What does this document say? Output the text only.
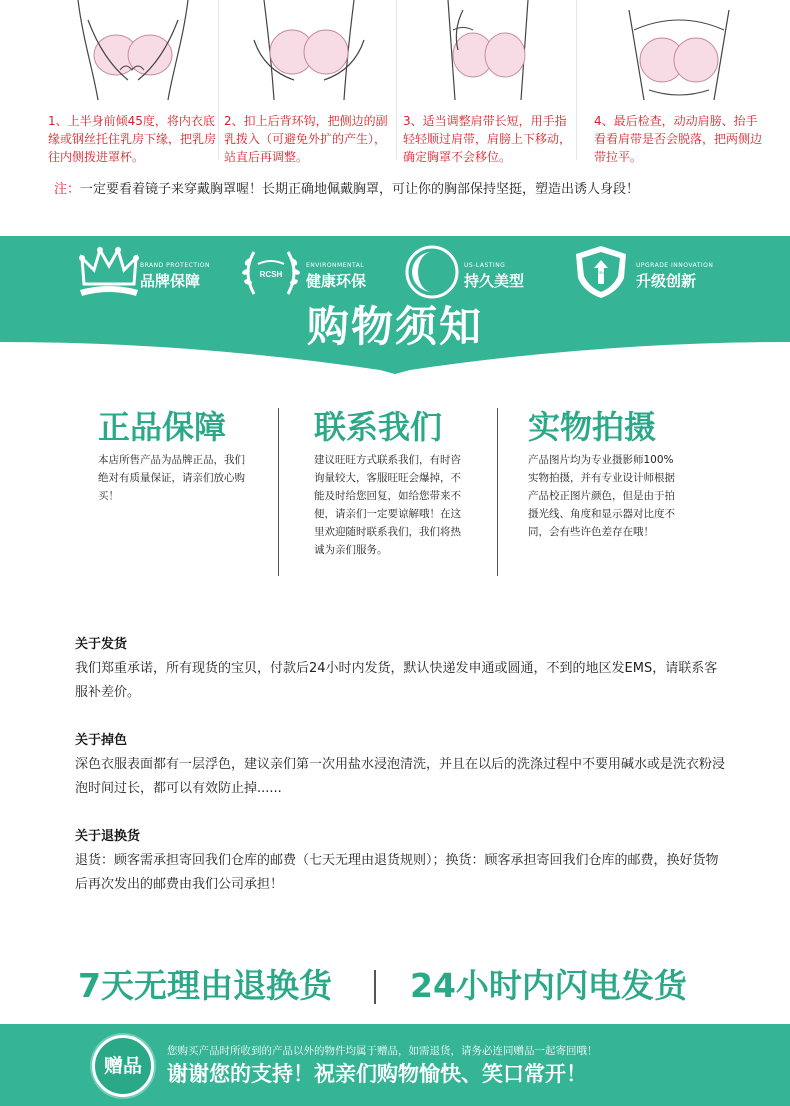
1、上半身前倾45度，将内衣底缘或钢丝托住乳房下缘，把乳房往内侧拨进罩杯。
2、扣上后背环钩，把侧边的副乳拨入（可避免外扩的产生），站直后再调整。
3、适当调整肩带长短，用手指轻轻顺过肩带，肩膀上下移动，确定胸罩不会移位。
4、最后检查，动动肩膀、抬手看看肩带是否会脱落，把两侧边带拉平。
注：一定要看着镜子来穿戴胸罩喔！长期正确地佩戴胸罩，可让你的胸部保持坚挺，塑造出诱人身段！
BRAND PROTECTION
品牌保障	RCSH
ENVIRONMENTAL
健康环保
US-LASTING
持久美型	UPGRADE
UPGRADE INNOVATION
升级创新
购物须知
正品保障

本店所售产品为品牌正品，我们绝对有质量保证，请亲们放心购买！

联系我们

建议旺旺方式联系我们，有时咨询量较大，客服旺旺会爆掉，不能及时给您回复，如给您带来不便，请亲们一定要谅解哦！在这里欢迎随时联系我们，我们将热诚为亲们服务。

实物拍摄

产品图片均为专业摄影师100%实物拍摄，并有专业设计师根据产品校正图片颜色，但是由于拍摄光线、角度和显示器对比度不同，会有些许色差存在哦！

关于发货

我们郑重承诺，所有现货的宝贝，付款后24小时内发货，默认快递发申通或圆通，不到的地区发EMS，请联系客服补差价。

关于掉色

深色衣服表面都有一层浮色，建议亲们第一次用盐水浸泡清洗，并且在以后的洗涤过程中不要用碱水或是洗衣粉浸泡时间过长，都可以有效防止掉......

关于退换货

退货：顾客需承担寄回我们仓库的邮费（七天无理由退货规则）；换货：顾客承担寄回我们仓库的邮费，换好货物后再次发出的邮费由我们公司承担！

7天无理由退换货 24小时内闪电发货
赠品
您购买产品时所收到的产品以外的物件均属于赠品，如需退货，请务必连同赠品一起寄回哦！
谢谢您的支持！祝亲们购物愉快、笑口常开！
